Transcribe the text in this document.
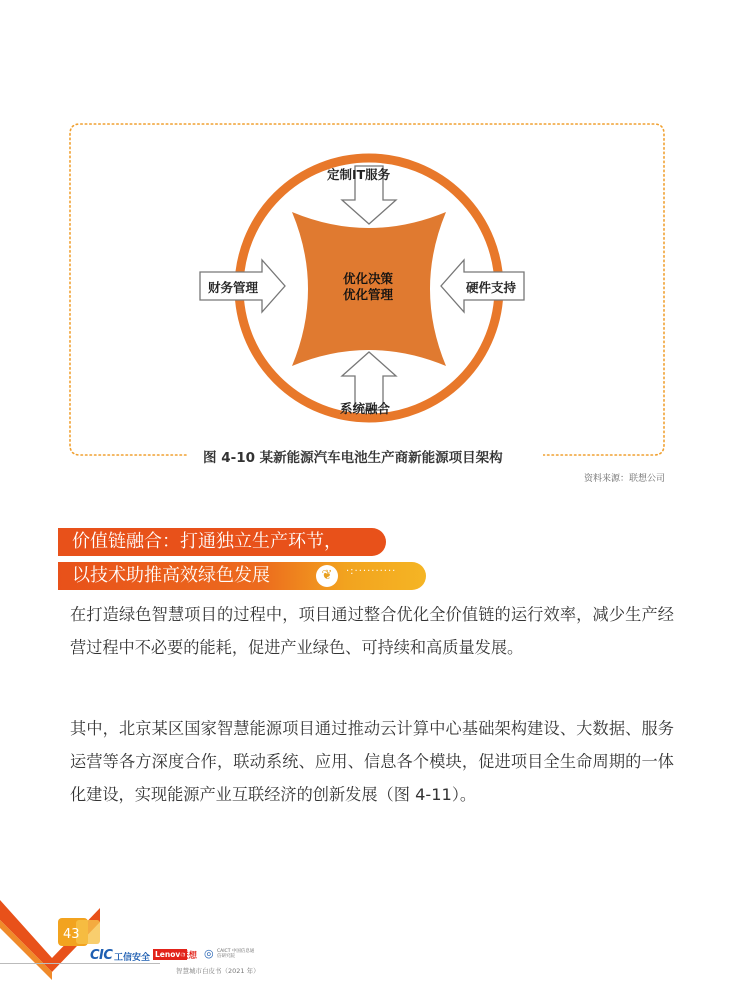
定制IT服务
财务管理	硬件支持
系统融合
优化决策
优化管理
图 4-10 某新能源汽车电池生产商新能源项目架构
资料来源：联想公司
价值链融合：打通独立生产环节，
以技术助推高效绿色发展	❦	·:··········

在打造绿色智慧项目的过程中，项目通过整合优化全价值链的运行效率，减少生产经营过程中不必要的能耗，促进产业绿色、可持续和高质量发展。

其中，北京某区国家智慧能源项目通过推动云计算中心基础架构建设、大数据、服务运营等各方深度合作，联动系统、应用、信息各个模块，促进项目全生命周期的一体化建设，实现能源产业互联经济的创新发展（图 4-11）。

43
CIC 工信安全 Lenovo
联想 ◎ CAICT 中国信息通信研究院
智慧城市白皮书（2021 年）
